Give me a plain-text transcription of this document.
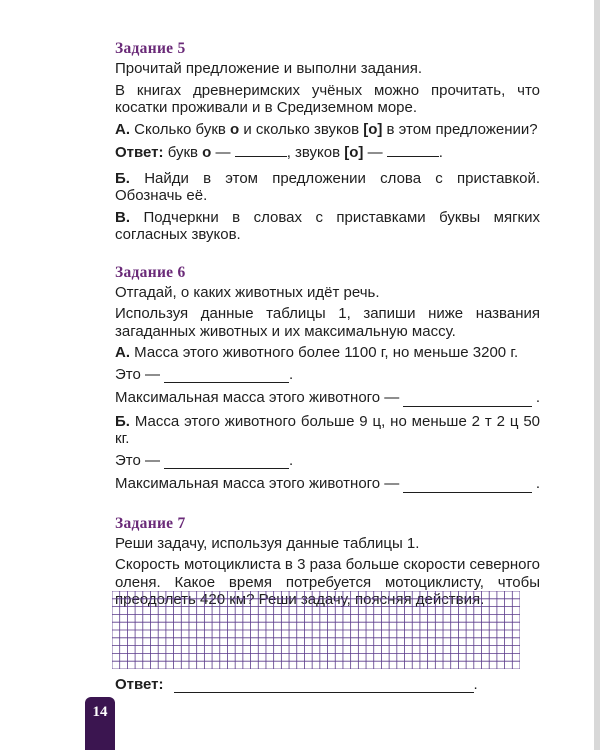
Задание 5

Прочитай предложение и выполни задания.

В книгах древнеримских учёных можно прочитать, что косатки проживали и в Средиземном море.

А. Сколько букв о и сколько звуков [о] в этом предложении?

Ответ: букв о —	, звуков [о] —	.

Б. Найди в этом предложении слова с приставкой. Обозначь её.

В. Подчеркни в словах с приставками буквы мягких согласных звуков.

Задание 6

Отгадай, о каких животных идёт речь.

Используя данные таблицы 1, запиши ниже названия загаданных животных и их максимальную массу.

А. Масса этого животного более 1100 г, но меньше 3200 г.

Это —	.
Максимальная масса этого животного —	.

Б. Масса этого животного больше 9 ц, но меньше 2 т 2 ц 50 кг.

Это —	.
Максимальная масса этого животного —	.
Задание 7

Реши задачу, используя данные таблицы 1.

Скорость мотоциклиста в 3 раза больше скорости северного оленя. Какое время потребуется мотоциклисту, чтобы преодолеть 420 км? Реши задачу, поясняя действия.

Ответ:	.
14
